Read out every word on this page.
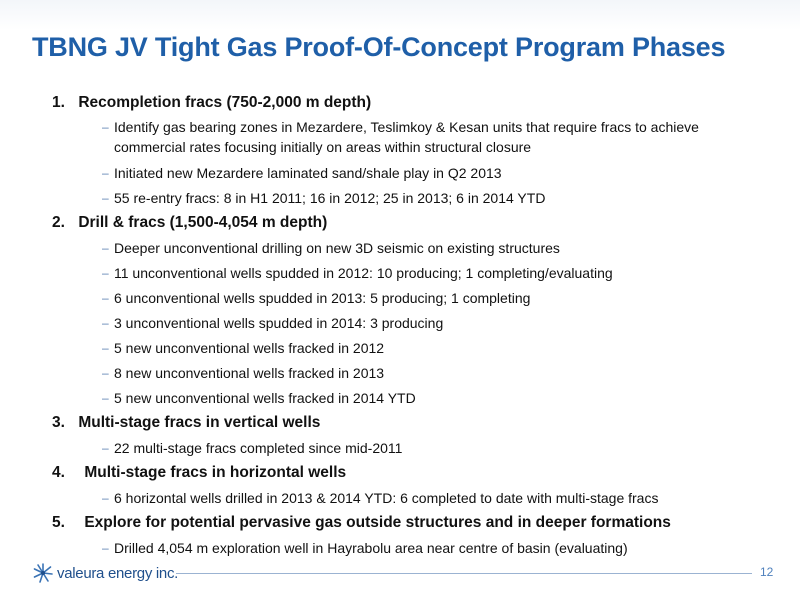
TBNG JV Tight Gas Proof-Of-Concept Program Phases
1. Recompletion fracs (750-2,000 m depth)
– Identify gas bearing zones in Mezardere, Teslimkoy & Kesan units that require fracs to achieve commercial rates focusing initially on areas within structural closure
– Initiated new Mezardere laminated sand/shale play in Q2 2013
– 55 re-entry fracs: 8 in H1 2011; 16 in 2012; 25 in 2013; 6 in 2014 YTD
2. Drill & fracs (1,500-4,054 m depth)
– Deeper unconventional drilling on new 3D seismic on existing structures
– 11 unconventional wells spudded in 2012: 10 producing; 1 completing/evaluating
– 6 unconventional wells spudded in 2013: 5 producing; 1 completing
– 3 unconventional wells spudded in 2014: 3 producing
– 5 new unconventional wells fracked in 2012
– 8 new unconventional wells fracked in 2013
– 5 new unconventional wells fracked in 2014 YTD
3. Multi-stage fracs in vertical wells
– 22 multi-stage fracs completed since mid-2011
4. Multi-stage fracs in horizontal wells
– 6 horizontal wells drilled in 2013 & 2014 YTD: 6 completed to date with multi-stage fracs
5. Explore for potential pervasive gas outside structures and in deeper formations
– Drilled 4,054 m exploration well in Hayrabolu area near centre of basin (evaluating)
valeura energy inc.	12
